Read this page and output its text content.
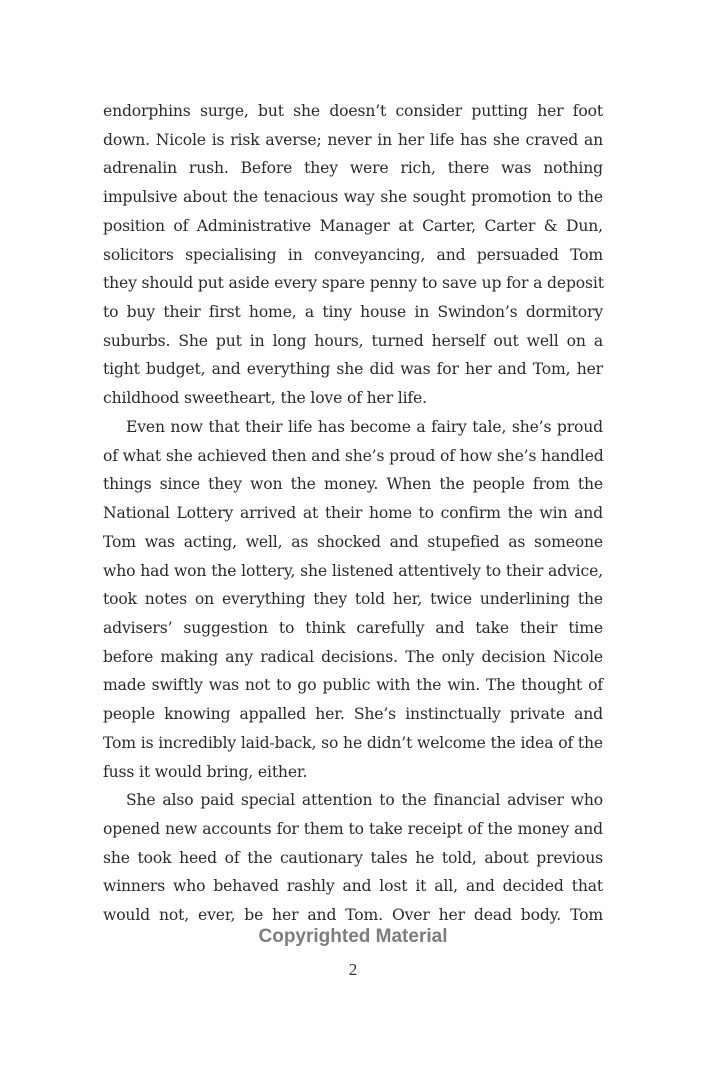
endorphins surge, but she doesn’t consider putting her foot
down. Nicole is risk averse; never in her life has she craved an
adrenalin rush. Before they were rich, there was nothing
impulsive about the tenacious way she sought promotion to the
position of Administrative Manager at Carter, Carter & Dun,
solicitors specialising in conveyancing, and persuaded Tom
they should put aside every spare penny to save up for a deposit
to buy their first home, a tiny house in Swindon’s dormitory
suburbs. She put in long hours, turned herself out well on a
tight budget, and everything she did was for her and Tom, her
childhood sweetheart, the love of her life.
Even now that their life has become a fairy tale, she’s proud
of what she achieved then and she’s proud of how she’s handled
things since they won the money. When the people from the
National Lottery arrived at their home to confirm the win and
Tom was acting, well, as shocked and stupefied as someone
who had won the lottery, she listened attentively to their advice,
took notes on everything they told her, twice underlining the
advisers’ suggestion to think carefully and take their time
before making any radical decisions. The only decision Nicole
made swiftly was not to go public with the win. The thought of
people knowing appalled her. She’s instinctually private and
Tom is incredibly laid-back, so he didn’t welcome the idea of the
fuss it would bring, either.
She also paid special attention to the financial adviser who
opened new accounts for them to take receipt of the money and
she took heed of the cautionary tales he told, about previous
winners who behaved rashly and lost it all, and decided that
would not, ever, be her and Tom. Over her dead body. Tom
Copyrighted Material
2
